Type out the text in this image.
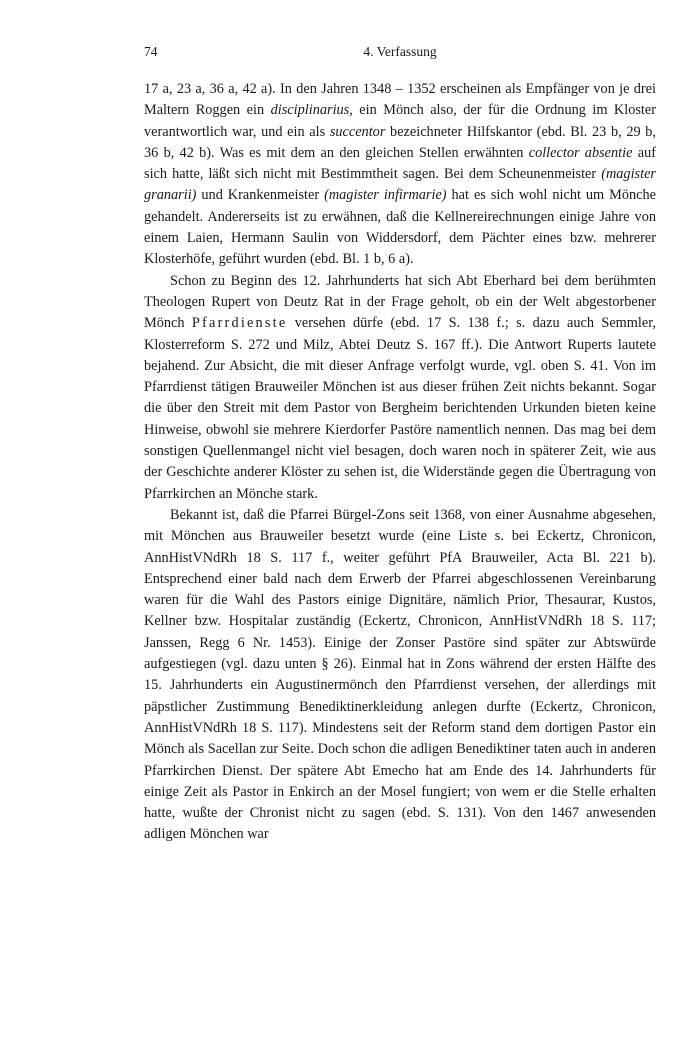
74	4. Verfassung

17 a, 23 a, 36 a, 42 a). In den Jahren 1348 – 1352 erscheinen als Empfänger von je drei Maltern Roggen ein disciplinarius, ein Mönch also, der für die Ordnung im Kloster verantwortlich war, und ein als succentor bezeichneter Hilfskantor (ebd. Bl. 23 b, 29 b, 36 b, 42 b). Was es mit dem an den gleichen Stellen erwähnten collector absentie auf sich hatte, läßt sich nicht mit Bestimmtheit sagen. Bei dem Scheunenmeister (magister granarii) und Krankenmeister (magister infirmarie) hat es sich wohl nicht um Mönche gehandelt. Andererseits ist zu erwähnen, daß die Kellnereirechnungen einige Jahre von einem Laien, Hermann Saulin von Widdersdorf, dem Pächter eines bzw. mehrerer Klosterhöfe, geführt wurden (ebd. Bl. 1 b, 6 a).

Schon zu Beginn des 12. Jahrhunderts hat sich Abt Eberhard bei dem berühmten Theologen Rupert von Deutz Rat in der Frage geholt, ob ein der Welt abgestorbener Mönch Pfarrdienste versehen dürfe (ebd. 17 S. 138 f.; s. dazu auch Semmler, Klosterreform S. 272 und Milz, Abtei Deutz S. 167 ff.). Die Antwort Ruperts lautete bejahend. Zur Absicht, die mit dieser Anfrage verfolgt wurde, vgl. oben S. 41. Von im Pfarrdienst tätigen Brauweiler Mönchen ist aus dieser frühen Zeit nichts bekannt. Sogar die über den Streit mit dem Pastor von Bergheim berichtenden Urkunden bieten keine Hinweise, obwohl sie mehrere Kierdorfer Pastöre namentlich nennen. Das mag bei dem sonstigen Quellenmangel nicht viel besagen, doch waren noch in späterer Zeit, wie aus der Geschichte anderer Klöster zu sehen ist, die Widerstände gegen die Übertragung von Pfarrkirchen an Mönche stark.

Bekannt ist, daß die Pfarrei Bürgel-Zons seit 1368, von einer Ausnahme abgesehen, mit Mönchen aus Brauweiler besetzt wurde (eine Liste s. bei Eckertz, Chronicon, AnnHistVNdRh 18 S. 117 f., weiter geführt PfA Brauweiler, Acta Bl. 221 b). Entsprechend einer bald nach dem Erwerb der Pfarrei abgeschlossenen Vereinbarung waren für die Wahl des Pastors einige Dignitäre, nämlich Prior, Thesaurar, Kustos, Kellner bzw. Hospitalar zuständig (Eckertz, Chronicon, AnnHistVNdRh 18 S. 117; Janssen, Regg 6 Nr. 1453). Einige der Zonser Pastöre sind später zur Abtswürde aufgestiegen (vgl. dazu unten § 26). Einmal hat in Zons während der ersten Hälfte des 15. Jahrhunderts ein Augustinermönch den Pfarrdienst versehen, der allerdings mit päpstlicher Zustimmung Benediktinerkleidung anlegen durfte (Eckertz, Chronicon, AnnHistVNdRh 18 S. 117). Mindestens seit der Reform stand dem dortigen Pastor ein Mönch als Sacellan zur Seite. Doch schon die adligen Benediktiner taten auch in anderen Pfarrkirchen Dienst. Der spätere Abt Emecho hat am Ende des 14. Jahrhunderts für einige Zeit als Pastor in Enkirch an der Mosel fungiert; von wem er die Stelle erhalten hatte, wußte der Chronist nicht zu sagen (ebd. S. 131). Von den 1467 anwesenden adligen Mönchen war
